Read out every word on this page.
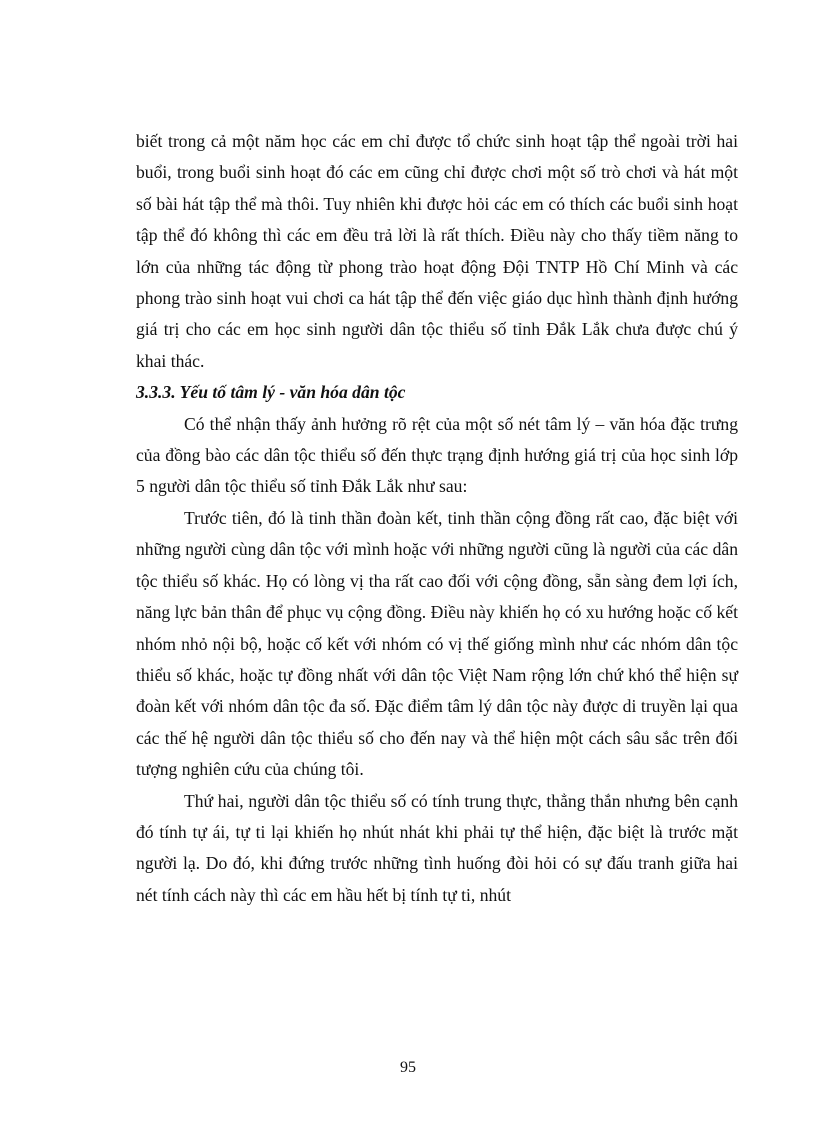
biết trong cả một năm học các em chỉ được tổ chức sinh hoạt tập thể ngoài trời hai buổi, trong buổi sinh hoạt đó các em cũng chỉ được chơi một số trò chơi và hát một số bài hát tập thể mà thôi. Tuy nhiên khi được hỏi các em có thích các buổi sinh hoạt tập thể đó không thì các em đều trả lời là rất thích. Điều này cho thấy tiềm năng to lớn của những tác động từ phong trào hoạt động Đội TNTP Hồ Chí Minh và các phong trào sinh hoạt vui chơi ca hát tập thể đến việc giáo dục hình thành định hướng giá trị cho các em học sinh người dân tộc thiểu số tỉnh Đắk Lắk chưa được chú ý khai thác.

3.3.3. Yếu tố tâm lý - văn hóa dân tộc

Có thể nhận thấy ảnh hưởng rõ rệt của một số nét tâm lý – văn hóa đặc trưng của đồng bào các dân tộc thiểu số đến thực trạng định hướng giá trị của học sinh lớp 5 người dân tộc thiểu số tỉnh Đắk Lắk như sau:

Trước tiên, đó là tinh thần đoàn kết, tinh thần cộng đồng rất cao, đặc biệt với những người cùng dân tộc với mình hoặc với những người cũng là người của các dân tộc thiểu số khác. Họ có lòng vị tha rất cao đối với cộng đồng, sẵn sàng đem lợi ích, năng lực bản thân để phục vụ cộng đồng. Điều này khiến họ có xu hướng hoặc cố kết nhóm nhỏ nội bộ, hoặc cố kết với nhóm có vị thế giống mình như các nhóm dân tộc thiểu số khác, hoặc tự đồng nhất với dân tộc Việt Nam rộng lớn chứ khó thể hiện sự đoàn kết với nhóm dân tộc đa số. Đặc điểm tâm lý dân tộc này được di truyền lại qua các thế hệ người dân tộc thiểu số cho đến nay và thể hiện một cách sâu sắc trên đối tượng nghiên cứu của chúng tôi.

Thứ hai, người dân tộc thiểu số có tính trung thực, thẳng thắn nhưng bên cạnh đó tính tự ái, tự ti lại khiến họ nhút nhát khi phải tự thể hiện, đặc biệt là trước mặt người lạ. Do đó, khi đứng trước những tình huống đòi hỏi có sự đấu tranh giữa hai nét tính cách này thì các em hầu hết bị tính tự ti, nhút

95
